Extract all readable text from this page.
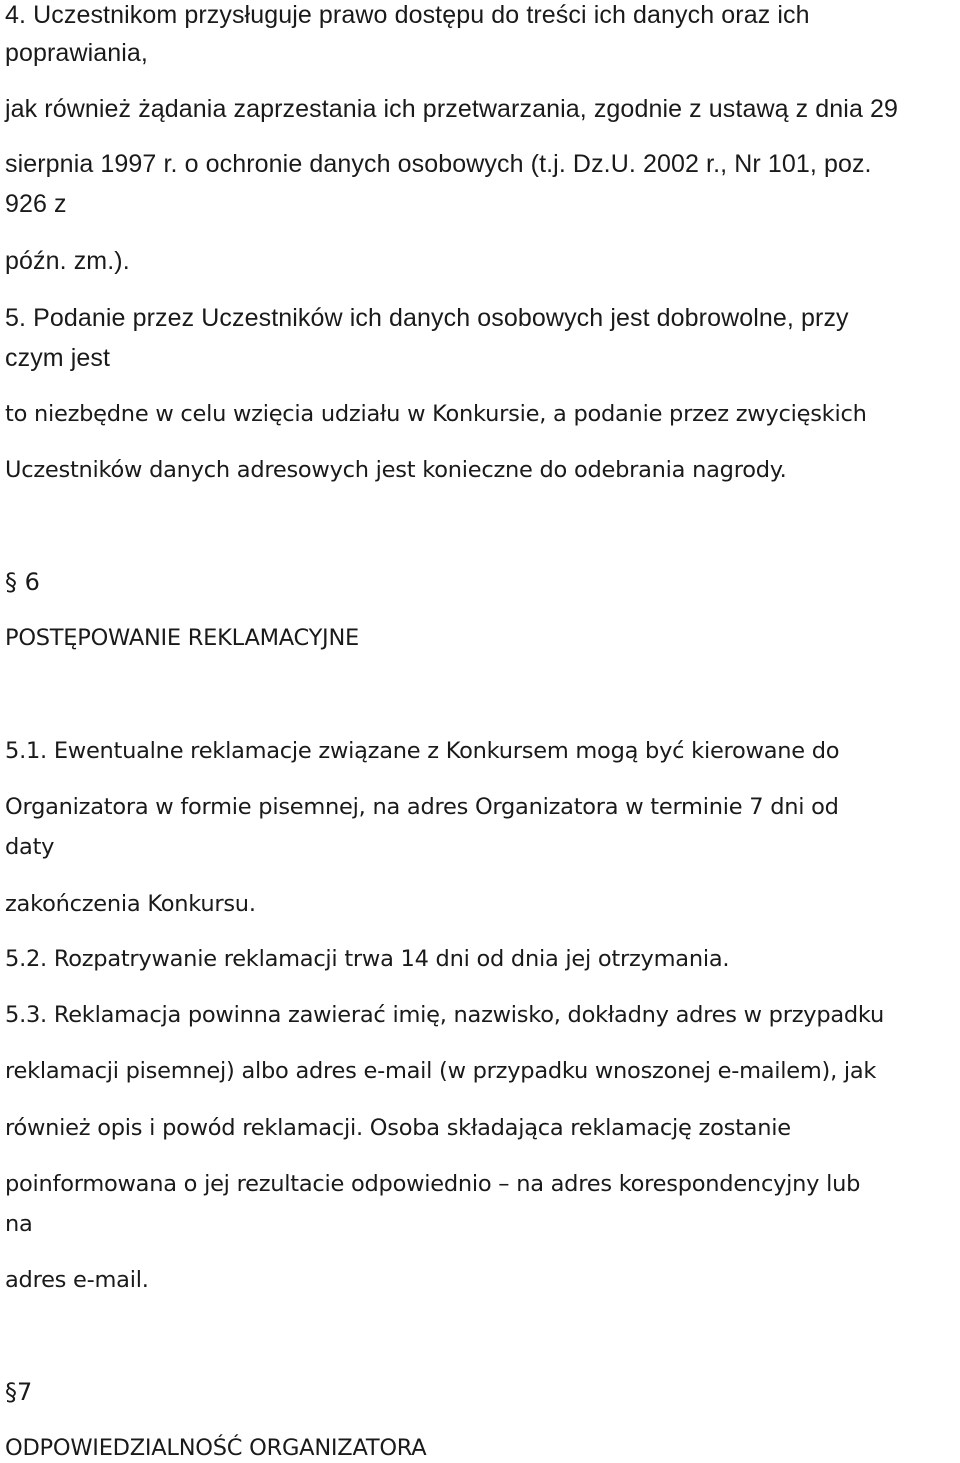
4. Uczestnikom przysługuje prawo dostępu do treści ich danych oraz ich

poprawiania,

jak również żądania zaprzestania ich przetwarzania, zgodnie z ustawą z dnia 29

sierpnia 1997 r. o ochronie danych osobowych (t.j. Dz.U. 2002 r., Nr 101, poz.

926 z

późn. zm.).

5. Podanie przez Uczestników ich danych osobowych jest dobrowolne, przy

czym jest

to niezbędne w celu wzięcia udziału w Konkursie, a podanie przez zwycięskich

Uczestników danych adresowych jest konieczne do odebrania nagrody.

§ 6

POSTĘPOWANIE REKLAMACYJNE

5.1. Ewentualne reklamacje związane z Konkursem mogą być kierowane do

Organizatora w formie pisemnej, na adres Organizatora w terminie 7 dni od

daty

zakończenia Konkursu.

5.2. Rozpatrywanie reklamacji trwa 14 dni od dnia jej otrzymania.

5.3. Reklamacja powinna zawierać imię, nazwisko, dokładny adres w przypadku

reklamacji pisemnej) albo adres e-mail (w przypadku wnoszonej e-mailem), jak

również opis i powód reklamacji. Osoba składająca reklamację zostanie

poinformowana o jej rezultacie odpowiednio – na adres korespondencyjny lub

na

adres e-mail.

§7

ODPOWIEDZIALNOŚĆ ORGANIZATORA
